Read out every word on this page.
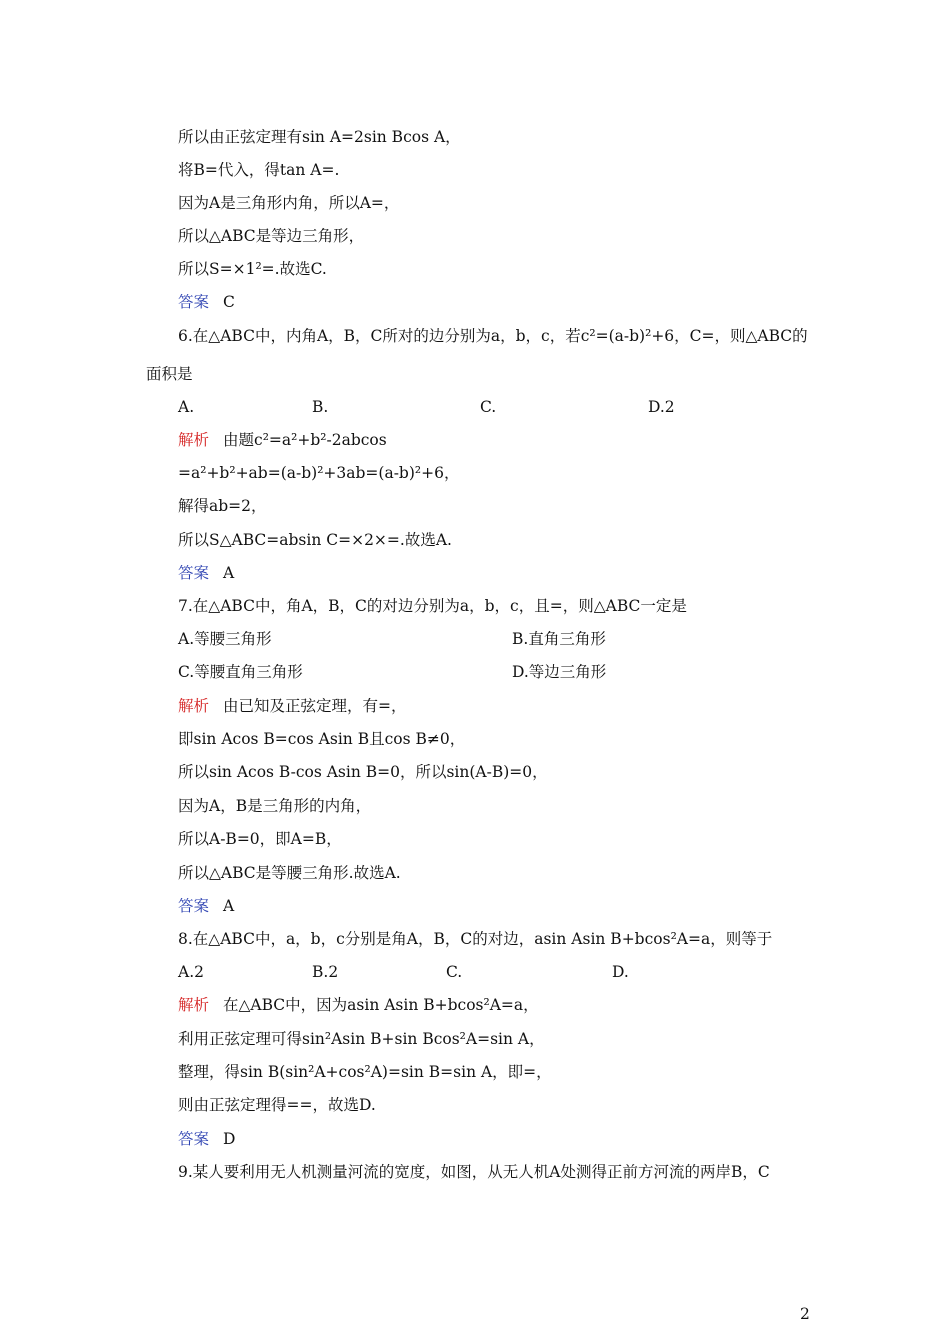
所以由正弦定理有sin A=2sin Bcos A，
将B=代入，得tan A=.
因为A是三角形内角，所以A=，
所以△ABC是等边三角形，
所以S=×1²=.故选C.
答案 C
6.在△ABC中，内角A，B，C所对的边分别为a，b，c，若c²=(a-b)²+6，C=，则△ABC的
面积是
A.	B.	C.	D.2
解析 由题c²=a²+b²-2abcos
=a²+b²+ab=(a-b)²+3ab=(a-b)²+6，
解得ab=2，
所以S△ABC=absin C=×2×=.故选A.
答案 A
7.在△ABC中，角A，B，C的对边分别为a，b，c，且=，则△ABC一定是
A.等腰三角形	B.直角三角形
C.等腰直角三角形	D.等边三角形
解析 由已知及正弦定理，有=，
即sin Acos B=cos Asin B且cos B≠0，
所以sin Acos B-cos Asin B=0，所以sin(A-B)=0，
因为A，B是三角形的内角，
所以A-B=0，即A=B，
所以△ABC是等腰三角形.故选A.
答案 A
8.在△ABC中，a，b，c分别是角A，B，C的对边，asin Asin B+bcos²A=a，则等于
A.2	B.2	C.	D.
解析 在△ABC中，因为asin Asin B+bcos²A=a，
利用正弦定理可得sin²Asin B+sin Bcos²A=sin A，
整理，得sin B(sin²A+cos²A)=sin B=sin A，即=，
则由正弦定理得==，故选D.
答案 D
9.某人要利用无人机测量河流的宽度，如图，从无人机A处测得正前方河流的两岸B，C
2
